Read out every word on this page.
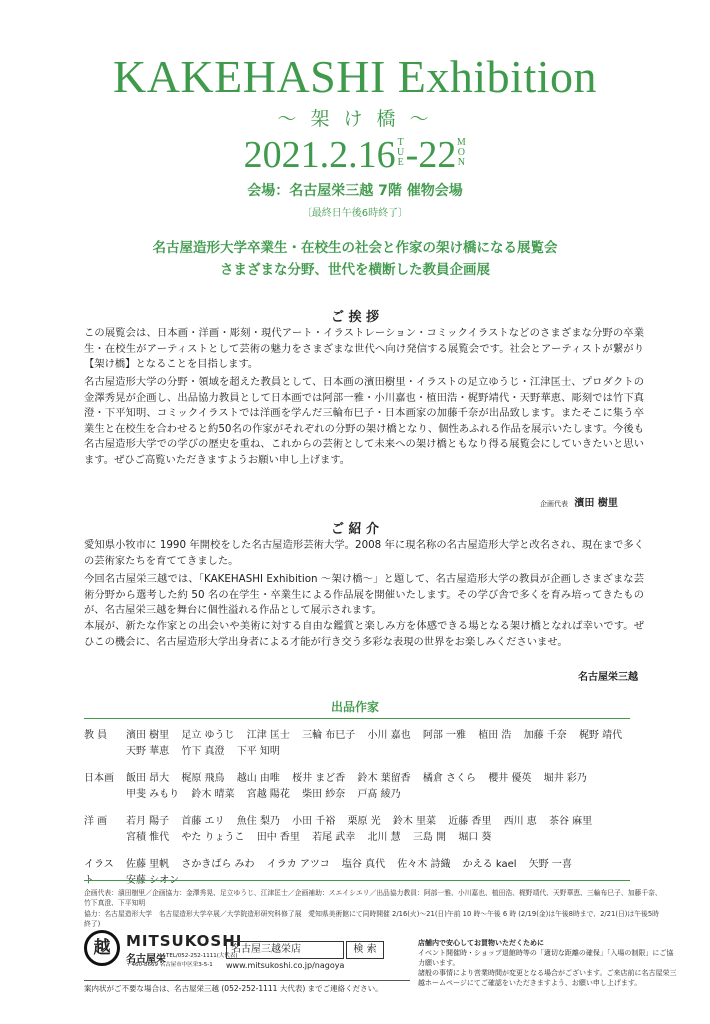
KAKEHASHI Exhibition
〜 架 け 橋 〜
2021.2.16 TUE-22MON
会場：名古屋栄三越 7階 催物会場
〔最終日午後6時終了〕
名古屋造形大学卒業生・在校生の社会と作家の架け橋になる展覧会
さまざまな分野、世代を横断した教員企画展
ご 挨 拶
この展覧会は、日本画・洋画・彫刻・現代アート・イラストレーション・コミックイラストなどのさまざまな分野の卒業生・在校生がアーティストとして芸術の魅力をさまざまな世代へ向け発信する展覧会です。社会とアーティストが繋がり【架け橋】となることを目指します。
名古屋造形大学の分野・領域を超えた教員として、日本画の濱田樹里・イラストの足立ゆうじ・江津匡士、プロダクトの金澤秀晃が企画し、出品協力教員として日本画では阿部一雅・小川嘉也・植田浩・梶野靖代・天野華恵、彫刻では竹下真澄・下平知明、コミックイラストでは洋画を学んだ三輪布巳子・日本画家の加藤千奈が出品致します。またそこに集う卒業生と在校生を合わせると約50名の作家がそれぞれの分野の架け橋となり、個性あふれる作品を展示いたします。今後も名古屋造形大学での学びの歴史を重ね、これからの芸術として未来への架け橋ともなり得る展覧会にしていきたいと思います。ぜひご高覧いただきますようお願い申し上げます。
企画代表 濱田 樹里
ご 紹 介
愛知県小牧市に 1990 年開校をした名古屋造形芸術大学。2008 年に現名称の名古屋造形大学と改名され、現在まで多くの芸術家たちを育ててきました。
今回名古屋栄三越では、「KAKEHASHI Exhibition 〜架け橋〜」と題して、名古屋造形大学の教員が企画しさまざまな芸術分野から選考した約 50 名の在学生・卒業生による作品展を開催いたします。その学び舎で多くを育み培ってきたものが、名古屋栄三越を舞台に個性溢れる作品として展示されます。
本展が、新たな作家との出会いや美術に対する自由な鑑賞と楽しみ方を体感できる場となる架け橋となれば幸いです。ぜひこの機会に、名古屋造形大学出身者による才能が行き交う多彩な表現の世界をお楽しみくださいませ。
名古屋栄三越
出品作家
教 員	濱田 樹里 足立 ゆうじ 江津 匡士 三輪 布巳子 小川 嘉也 阿部 一雅 植田 浩 加藤 千奈 梶野 靖代 天野 華恵 竹下 真澄 下平 知明
日本画	飯田 昂大 梶原 飛鳥 越山 由唯 桜井 まど香 鈴木 葉留香 橘倉 さくら 櫻井 優英 堀井 彩乃 甲斐 みもり 鈴木 晴菜 宮越 陽花 柴田 紗奈 戸髙 綾乃
洋 画	若月 陽子 首藤 エリ 魚住 梨乃 小田 千裕 栗原 光 鈴木 里菜 近藤 香里 西川 恵 茶谷 麻里 宮積 惟代 やた りょうこ 田中 香里 若尾 武幸 北川 慧 三島 開 堀口 葵
イラス	佐藤 里帆 さかきばら みわ イラカ アツコ 塩谷 真代 佐々木 詩織 かえる kael 矢野 一喜
企画代表：濱田樹里／企画協力：金澤秀晃、足立ゆうじ、江津匡士／企画補助：スエイシエリ／出品協力教員：阿部一雅、小川嘉也、植田浩、梶野靖代、天野華恵、三輪布巳子、加藤千奈、竹下真澄、下平知明
協力：名古屋造形大学　名古屋造形大学卒展／大学院造形研究科修了展　愛知県美術館にて同時開催 2/16(火)〜21(日)午前 10 時〜午後 6 時 (2/19(金)は午後8時まで、2/21(日)は午後5時終了)
越	MITSUKOSHI
名古屋栄 TEL/052-252-1111(大代表)
〒460-8669 名古屋市中区栄3-5-1
名古屋三越栄店	検 索
www.mitsukoshi.co.jp/nagoya
店舗内で安心してお買物いただくために
イベント開催時・ショップ退館時等の「適切な距離の確保」「入場の制限」にご協力願います。
諸般の事情により営業時間が変更となる場合がございます。ご来店前に名古屋栄三越ホームページにてご確認をいただきますよう、お願い申し上げます。
案内状がご不要な場合は、名古屋栄三越 (052-252-1111 大代表) までご連絡ください。
